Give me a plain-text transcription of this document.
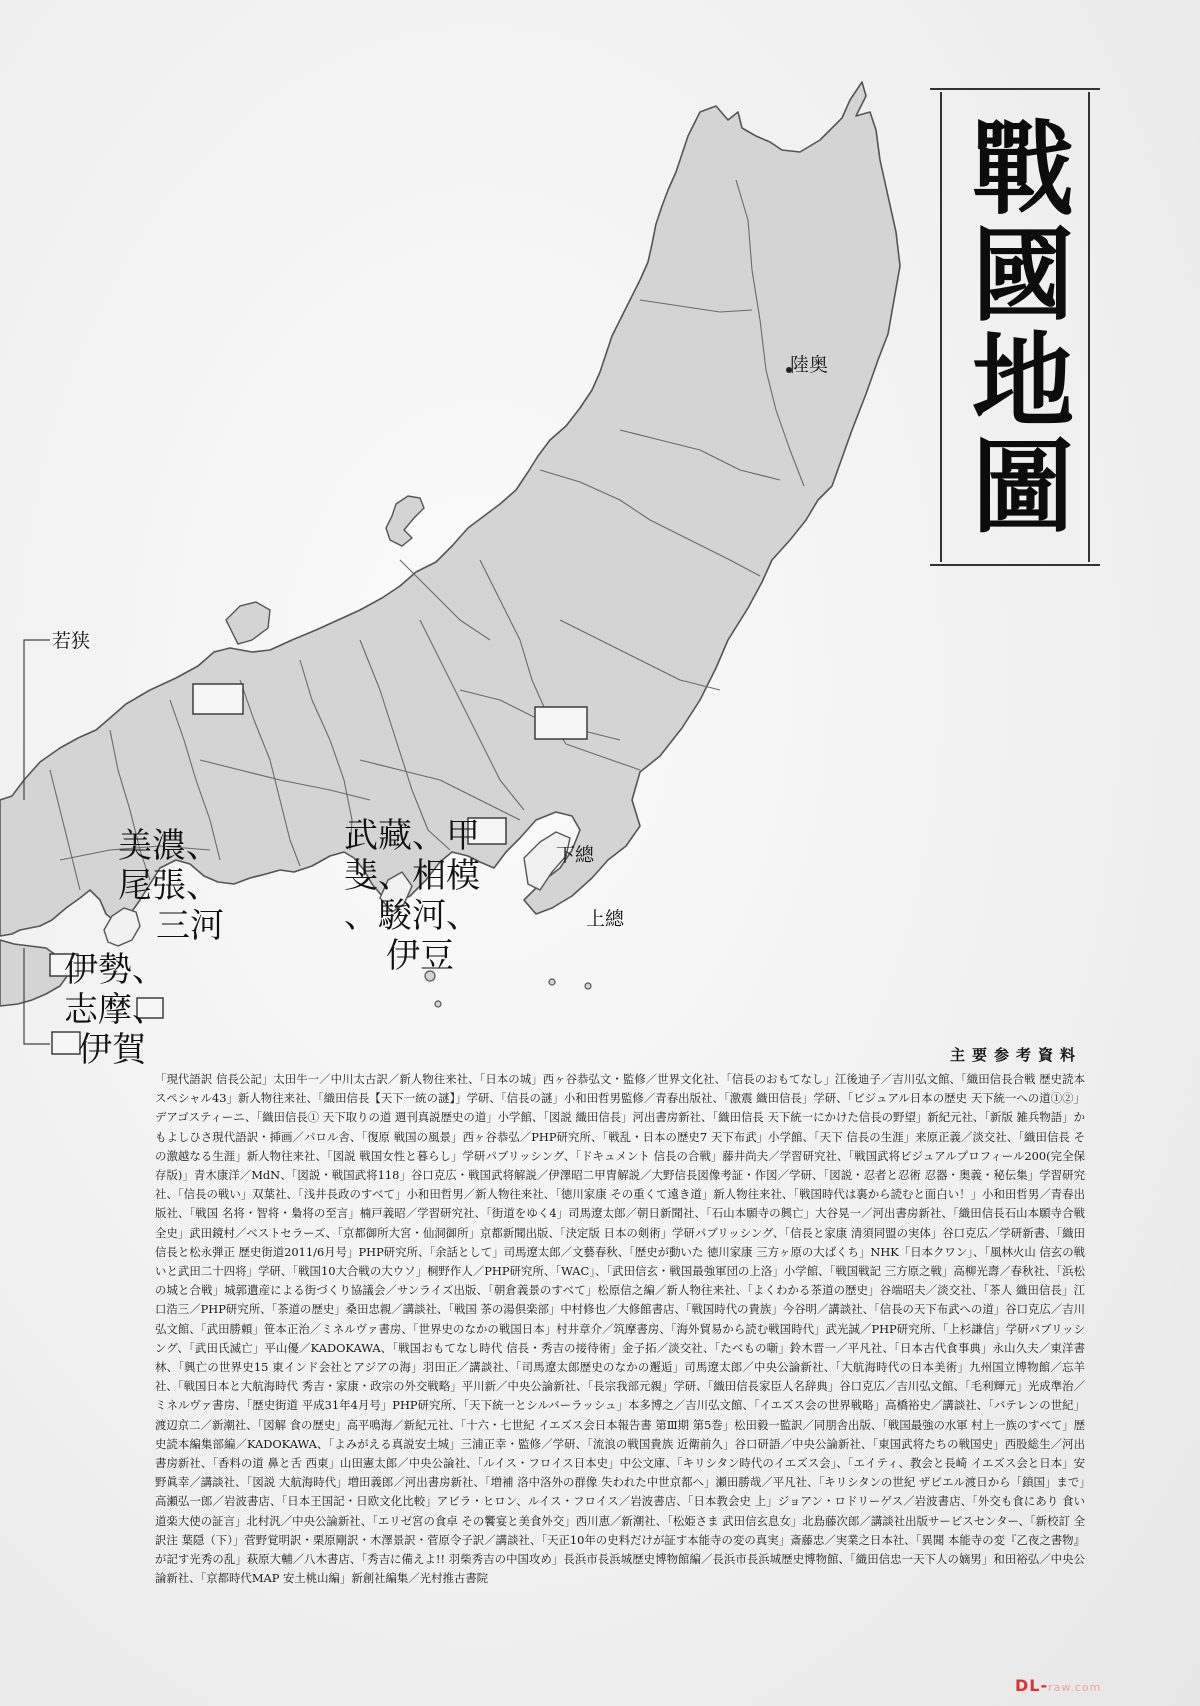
陸奥
若狭
下總
上總
美濃、
尾張、
三河
武藏、甲
斐、相模
、駿河、
伊豆
伊勢、
志摩、
伊賀
戰國地圖
主要参考資料
「現代語訳 信長公記」太田牛一／中川太古訳／新人物往来社、「日本の城」西ヶ谷恭弘文・監修／世界文化社、「信長のおもてなし」江後迪子／吉川弘文館、「織田信長合戦 歴史読本スペシャル43」新人物往来社、「織田信長【天下一統の謎】」学研、「信長の謎」小和田哲男監修／青春出版社、「激震 織田信長」学研、「ビジュアル日本の歴史 天下統一への道①②」デアゴスティーニ、「織田信長① 天下取りの道 週刊真説歴史の道」小学館、「図説 織田信長」河出書房新社、「織田信長 天下統一にかけた信長の野望」新紀元社、「新版 雑兵物語」かもよしひさ現代語訳・挿画／パロル舎、「復原 戦国の風景」西ヶ谷恭弘／PHP研究所、「戦乱・日本の歴史7 天下布武」小学館、「天下 信長の生涯」来原正義／淡交社、「織田信長 その激越なる生涯」新人物往来社、「図説 戦国女性と暮らし」学研パブリッシング、「ドキュメント 信長の合戦」藤井尚夫／学習研究社、「戦国武将ビジュアルプロフィール200(完全保存版)」青木康洋／MdN、「図説・戦国武将118」谷口克広・戦国武将解説／伊澤昭二甲冑解説／大野信長図像考証・作図／学研、「図説・忍者と忍術 忍器・奥義・秘伝集」学習研究社、「信長の戦い」双葉社、「浅井長政のすべて」小和田哲男／新人物往来社、「徳川家康 その重くて遠き道」新人物往来社、「戦国時代は裏から読むと面白い！」小和田哲男／青春出版社、「戦国 名将・智将・梟将の至言」楠戸義昭／学習研究社、「街道をゆく4」司馬遼太郎／朝日新聞社、「石山本願寺の興亡」大谷晃一／河出書房新社、「織田信長石山本願寺合戦全史」武田鏡村／ベストセラーズ、「京都御所大宮・仙洞御所」京都新聞出版、「決定版 日本の剣術」学研パブリッシング、「信長と家康 清須同盟の実体」谷口克広／学研新書、「織田信長と松永弾正 歴史街道2011/6月号」PHP研究所、「余話として」司馬遼太郎／文藝春秋、「歴史が動いた 徳川家康 三方ヶ原の大ばくち」NHK「日本クワン」、「風林火山 信玄の戦いと武田二十四将」学研、「戦国10大合戦の大ウソ」桐野作人／PHP研究所、「WAC」、「武田信玄・戦国最強軍団の上洛」小学館、「戦国戦記 三方原之戦」高柳光壽／春秋社、「浜松の城と合戦」城郭遺産による街づくり協議会／サンライズ出版、「朝倉義景のすべて」松原信之編／新人物往来社、「よくわかる茶道の歴史」谷端昭夫／淡交社、「茶人 織田信長」江口浩三／PHP研究所、「茶道の歴史」桑田忠親／講談社、「戦国 茶の湯倶楽部」中村修也／大修館書店、「戦国時代の貴族」今谷明／講談社、「信長の天下布武への道」谷口克広／吉川弘文館、「武田勝頼」笹本正治／ミネルヴァ書房、「世界史のなかの戦国日本」村井章介／筑摩書房、「海外貿易から読む戦国時代」武光誠／PHP研究所、「上杉謙信」学研パブリッシング、「武田氏滅亡」平山優／KADOKAWA、「戦国おもてなし時代 信長・秀吉の接待術」金子拓／淡交社、「たべもの噺」鈴木晋一／平凡社、「日本古代食事典」永山久夫／東洋書林、「興亡の世界史15 東インド会社とアジアの海」羽田正／講談社、「司馬遼太郎歴史のなかの邂逅」司馬遼太郎／中央公論新社、「大航海時代の日本美術」九州国立博物館／忘羊社、「戦国日本と大航海時代 秀吉・家康・政宗の外交戦略」平川新／中央公論新社、「長宗我部元親」学研、「織田信長家臣人名辞典」谷口克広／吉川弘文館、「毛利輝元」光成準治／ミネルヴァ書房、「歴史街道 平成31年4月号」PHP研究所、「天下統一とシルバーラッシュ」本多博之／吉川弘文館、「イエズス会の世界戦略」高橋裕史／講談社、「バテレンの世紀」渡辺京二／新潮社、「図解 食の歴史」高平鳴海／新紀元社、「十六・七世紀 イエズス会日本報告書 第Ⅲ期 第5巻」松田毅一監訳／同朋舎出版、「戦国最強の水軍 村上一族のすべて」歴史読本編集部編／KADOKAWA、「よみがえる真説安土城」三浦正幸・監修／学研、「流浪の戦国貴族 近衛前久」谷口研語／中央公論新社、「東国武将たちの戦国史」西股総生／河出書房新社、「香料の道 鼻と舌 西東」山田憲太郎／中央公論社、「ルイス・フロイス日本史」中公文庫、「キリシタン時代のイエズス会」、「エイティ、教会と長崎 イエズス会と日本」安野眞幸／講談社、「図説 大航海時代」増田義郎／河出書房新社、「増補 洛中洛外の群像 失われた中世京都へ」瀬田勝哉／平凡社、「キリシタンの世紀 ザビエル渡日から「鎖国」まで」高瀬弘一郎／岩波書店、「日本王国記・日欧文化比較」アビラ・ヒロン、ルイス・フロイス／岩波書店、「日本教会史 上」ジョアン・ロドリーゲス／岩波書店、「外交も食にあり 食い道楽大使の証言」北村汎／中央公論新社、「エリゼ宮の食卓 その饗宴と美食外交」西川恵／新潮社、「松姫さま 武田信玄息女」北島藤次郎／講談社出版サービスセンター、「新校訂 全訳注 葉隠（下）」菅野覚明訳・栗原剛訳・木澤景訳・菅原令子訳／講談社、「天正10年の史料だけが証す本能寺の変の真実」斎藤忠／実業之日本社、「異聞 本能寺の変『乙夜之書物』が記す光秀の乱」萩原大輔／八木書店、「秀吉に備えよ!! 羽柴秀吉の中国攻め」長浜市長浜城歴史博物館編／長浜市長浜城歴史博物館、「織田信忠一天下人の嫡男」和田裕弘／中央公論新社、「京都時代MAP 安土桃山編」新創社編集／光村推古書院
DL-raw.com
